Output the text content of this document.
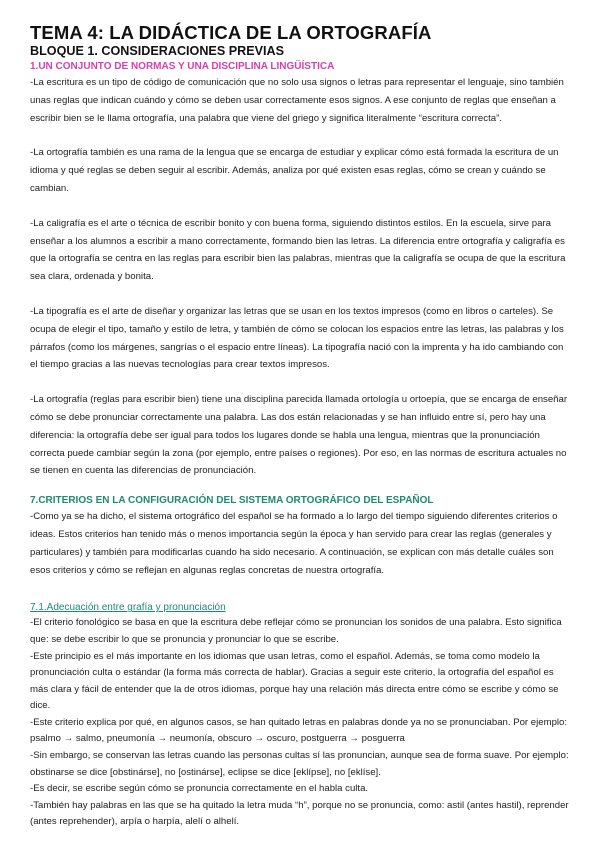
TEMA 4: LA DIDÁCTICA DE LA ORTOGRAFÍA
BLOQUE 1. CONSIDERACIONES PREVIAS
1.UN CONJUNTO DE NORMAS Y UNA DISCIPLINA LINGÜÍSTICA

-La escritura es un tipo de código de comunicación que no solo usa signos o letras para representar el lenguaje, sino también unas reglas que indican cuándo y cómo se deben usar correctamente esos signos. A ese conjunto de reglas que enseñan a escribir bien se le llama ortografía, una palabra que viene del griego y significa literalmente “escritura correcta”.

-La ortografía también es una rama de la lengua que se encarga de estudiar y explicar cómo está formada la escritura de un idioma y qué reglas se deben seguir al escribir. Además, analiza por qué existen esas reglas, cómo se crean y cuándo se cambian.

-La caligrafía es el arte o técnica de escribir bonito y con buena forma, siguiendo distintos estilos. En la escuela, sirve para enseñar a los alumnos a escribir a mano correctamente, formando bien las letras. La diferencia entre ortografía y caligrafía es que la ortografía se centra en las reglas para escribir bien las palabras, mientras que la caligrafía se ocupa de que la escritura sea clara, ordenada y bonita.

-La tipografía es el arte de diseñar y organizar las letras que se usan en los textos impresos (como en libros o carteles). Se ocupa de elegir el tipo, tamaño y estilo de letra, y también de cómo se colocan los espacios entre las letras, las palabras y los párrafos (como los márgenes, sangrías o el espacio entre líneas). La tipografía nació con la imprenta y ha ido cambiando con el tiempo gracias a las nuevas tecnologías para crear textos impresos.

-La ortografía (reglas para escribir bien) tiene una disciplina parecida llamada ortología u ortoepía, que se encarga de enseñar cómo se debe pronunciar correctamente una palabra. Las dos están relacionadas y se han influido entre sí, pero hay una diferencia: la ortografía debe ser igual para todos los lugares donde se habla una lengua, mientras que la pronunciación correcta puede cambiar según la zona (por ejemplo, entre países o regiones). Por eso, en las normas de escritura actuales no se tienen en cuenta las diferencias de pronunciación.

7.CRITERIOS EN LA CONFIGURACIÓN DEL SISTEMA ORTOGRÁFICO DEL ESPAÑOL

-Como ya se ha dicho, el sistema ortográfico del español se ha formado a lo largo del tiempo siguiendo diferentes criterios o ideas. Estos criterios han tenido más o menos importancia según la época y han servido para crear las reglas (generales y particulares) y también para modificarlas cuando ha sido necesario. A continuación, se explican con más detalle cuáles son esos criterios y cómo se reflejan en algunas reglas concretas de nuestra ortografía.

7.1.Adecuación entre grafía y pronunciación

-El criterio fonológico se basa en que la escritura debe reflejar cómo se pronuncian los sonidos de una palabra. Esto significa que: se debe escribir lo que se pronuncia y pronunciar lo que se escribe.

-Este principio es el más importante en los idiomas que usan letras, como el español. Además, se toma como modelo la pronunciación culta o estándar (la forma más correcta de hablar). Gracias a seguir este criterio, la ortografía del español es más clara y fácil de entender que la de otros idiomas, porque hay una relación más directa entre cómo se escribe y cómo se dice.

-Este criterio explica por qué, en algunos casos, se han quitado letras en palabras donde ya no se pronunciaban. Por ejemplo: psalmo → salmo, pneumonía → neumonía, obscuro → oscuro, postguerra → posguerra

-Sin embargo, se conservan las letras cuando las personas cultas sí las pronuncian, aunque sea de forma suave. Por ejemplo: obstinarse se dice [obstinárse], no [ostinárse], eclipse se dice [eklípse], no [eklíse].

-Es decir, se escribe según cómo se pronuncia correctamente en el habla culta.

-También hay palabras en las que se ha quitado la letra muda “h”, porque no se pronuncia, como: astil (antes hastil), reprender (antes reprehender), arpía o harpía, alelí o alhelí.
